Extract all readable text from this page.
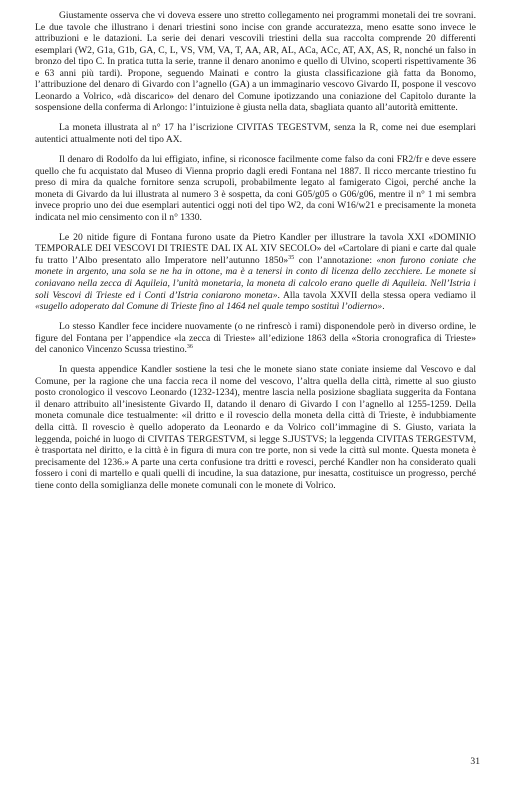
Giustamente osserva che vi doveva essere uno stretto collegamento nei programmi monetali dei tre sovrani. Le due tavole che illustrano i denari triestini sono incise con grande accuratezza, meno esatte sono invece le attribuzioni e le datazioni. La serie dei denari vescovili triestini della sua raccolta comprende 20 differenti esemplari (W2, G1a, G1b, GA, C, L, VS, VM, VA, T, AA, AR, AL, ACa, ACc, AT, AX, AS, R, nonché un falso in bronzo del tipo C. In pratica tutta la serie, tranne il denaro anonimo e quello di Ulvino, scoperti rispettivamente 36 e 63 anni più tardi). Propone, seguendo Mainati e contro la giusta classificazione già fatta da Bonomo, l’attribuzione del denaro di Givardo con l’agnello (GA) a un immaginario vescovo Givardo II, pospone il vescovo Leonardo a Volrico, «dà discarico» del denaro del Comune ipotizzando una coniazione del Capitolo durante la sospensione della conferma di Arlongo: l’intuizione è giusta nella data, sbagliata quanto all’autorità emittente.

La moneta illustrata al n° 17 ha l’iscrizione CIVITAS TEGESTVM, senza la R, come nei due esemplari autentici attualmente noti del tipo AX.

Il denaro di Rodolfo da lui effigiato, infine, si riconosce facilmente come falso da coni FR2/fr e deve essere quello che fu acquistato dal Museo di Vienna proprio dagli eredi Fontana nel 1887. Il ricco mercante triestino fu preso di mira da qualche fornitore senza scrupoli, probabilmente legato al famigerato Cigoi, perché anche la moneta di Givardo da lui illustrata al numero 3 è sospetta, da coni G05/g05 o G06/g06, mentre il n° 1 mi sembra invece proprio uno dei due esemplari autentici oggi noti del tipo W2, da coni W16/w21 e precisamente la moneta indicata nel mio censimento con il n° 1330.

Le 20 nitide figure di Fontana furono usate da Pietro Kandler per illustrare la tavola XXI «DOMINIO TEMPORALE DEI VESCOVI DI TRIESTE DAL IX AL XIV SECOLO» del «Cartolare di piani e carte dal quale fu tratto l’Albo presentato allo Imperatore nell’autunno 1850»$^{35}$ con l’annotazione: «non furono coniate che monete in argento, una sola se ne ha in ottone, ma è a tenersi in conto di licenza dello zecchiere. Le monete si coniavano nella zecca di Aquileia, l’unità monetaria, la moneta di calcolo erano quelle di Aquileia. Nell’Istria i soli Vescovi di Trieste ed i Conti d’Istria coniarono moneta». Alla tavola XXVII della stessa opera vediamo il «sugello adoperato dal Comune di Trieste fino al 1464 nel quale tempo sostituì l’odierno».

Lo stesso Kandler fece incidere nuovamente (o ne rinfrescò i rami) disponendole però in diverso ordine, le figure del Fontana per l’appendice «la zecca di Trieste» all’edizione 1863 della «Storia cronografica di Trieste» del canonico Vincenzo Scussa triestino.$^{36}$

In questa appendice Kandler sostiene la tesi che le monete siano state coniate insieme dal Vescovo e dal Comune, per la ragione che una faccia reca il nome del vescovo, l’altra quella della città, rimette al suo giusto posto cronologico il vescovo Leonardo (1232-1234), mentre lascia nella posizione sbagliata suggerita da Fontana il denaro attribuito all’inesistente Givardo II, datando il denaro di Givardo I con l’agnello al 1255-1259. Della moneta comunale dice testualmente: «il dritto e il rovescio della moneta della città di Trieste, è indubbiamente della città. Il rovescio è quello adoperato da Leonardo e da Volrico coll’immagine di S. Giusto, variata la leggenda, poiché in luogo di CIVITAS TERGESTVM, si legge S.JUSTVS; la leggenda CIVITAS TERGESTVM, è trasportata nel diritto, e la città è in figura di mura con tre porte, non si vede la città sul monte. Questa moneta è precisamente del 1236.» A parte una certa confusione tra dritti e rovesci, perché Kandler non ha considerato quali fossero i coni di martello e quali quelli di incudine, la sua datazione, pur inesatta, costituisce un progresso, perché tiene conto della somiglianza delle monete comunali con le monete di Volrico.

31
